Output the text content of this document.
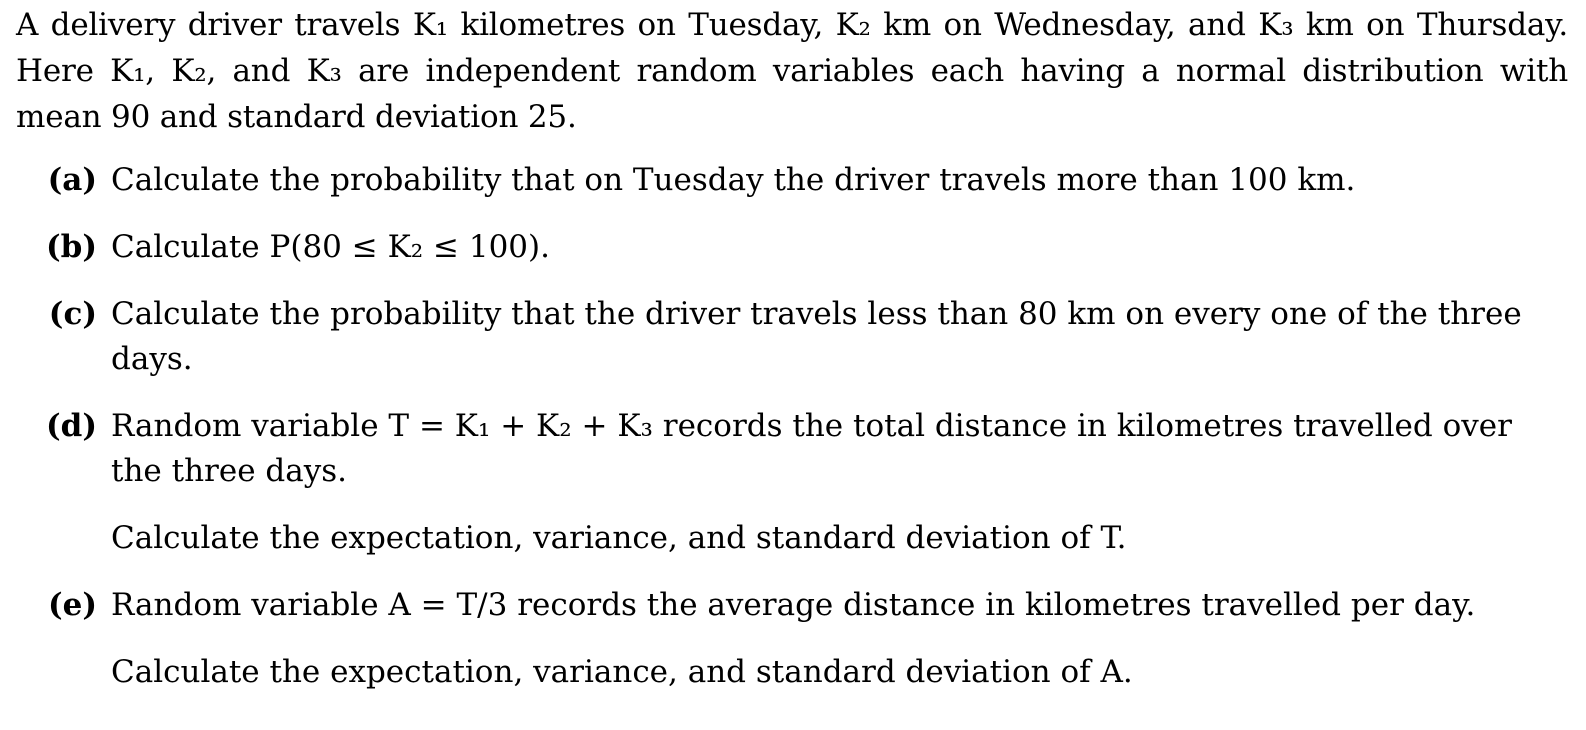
A delivery driver travels K₁ kilometres on Tuesday, K₂ km on Wednesday, and K₃ km on Thursday. Here K₁, K₂, and K₃ are independent random variables each having a normal distribution with mean 90 and standard deviation 25.

(a) Calculate the probability that on Tuesday the driver travels more than 100 km.
(b) Calculate P(80 ≤ K₂ ≤ 100).
(c) Calculate the probability that the driver travels less than 80 km on every one of the three days.
(d) Random variable T = K₁ + K₂ + K₃ records the total distance in kilometres travelled over the three days.
Calculate the expectation, variance, and standard deviation of T.
(e) Random variable A = T/3 records the average distance in kilometres travelled per day.
Calculate the expectation, variance, and standard deviation of A.
